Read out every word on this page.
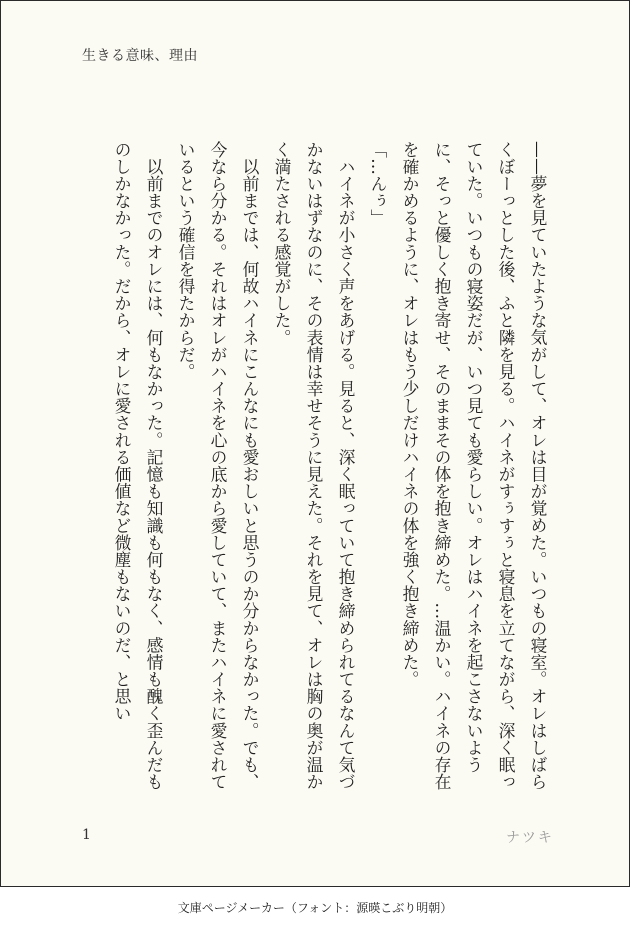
生きる意味、理由

——夢を見ていたような気がして、オレは目が覚めた。いつもの寝室。オレはしばらくぼーっとした後、ふと隣を見る。ハイネがすぅすぅと寝息を立てながら、深く眠っていた。いつもの寝姿だが、いつ見ても愛らしい。オレはハイネを起こさないように、そっと優しく抱き寄せ、そのままその体を抱き締めた。…温かい。ハイネの存在を確かめるように、オレはもう少しだけハイネの体を強く抱き締めた。

「…んぅ」

　ハイネが小さく声をあげる。見ると、深く眠っていて抱き締められてるなんて気づかないはずなのに、その表情は幸せそうに見えた。それを見て、オレは胸の奥が温かく満たされる感覚がした。

　以前までは、何故ハイネにこんなにも愛おしいと思うのか分からなかった。でも、今なら分かる。それはオレがハイネを心の底から愛していて、またハイネに愛されているという確信を得たからだ。

　以前までのオレには、何もなかった。記憶も知識も何もなく、感情も醜く歪んだものしかなかった。だから、オレに愛される価値など微塵もないのだ、と思い

1	ナツキ
文庫ページメーカー（フォント：源暎こぶり明朝）
